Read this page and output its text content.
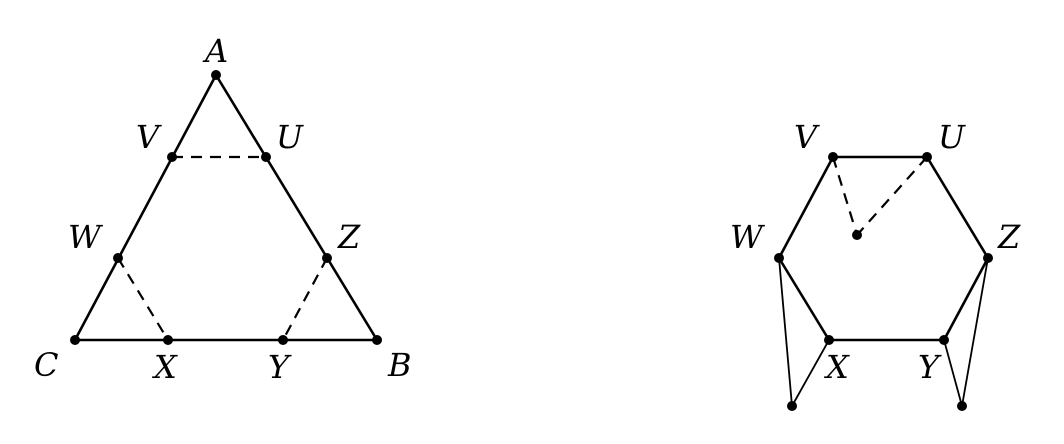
A
V	U
W	Z
C	X	Y	B
V	U
W	Z
X Y
